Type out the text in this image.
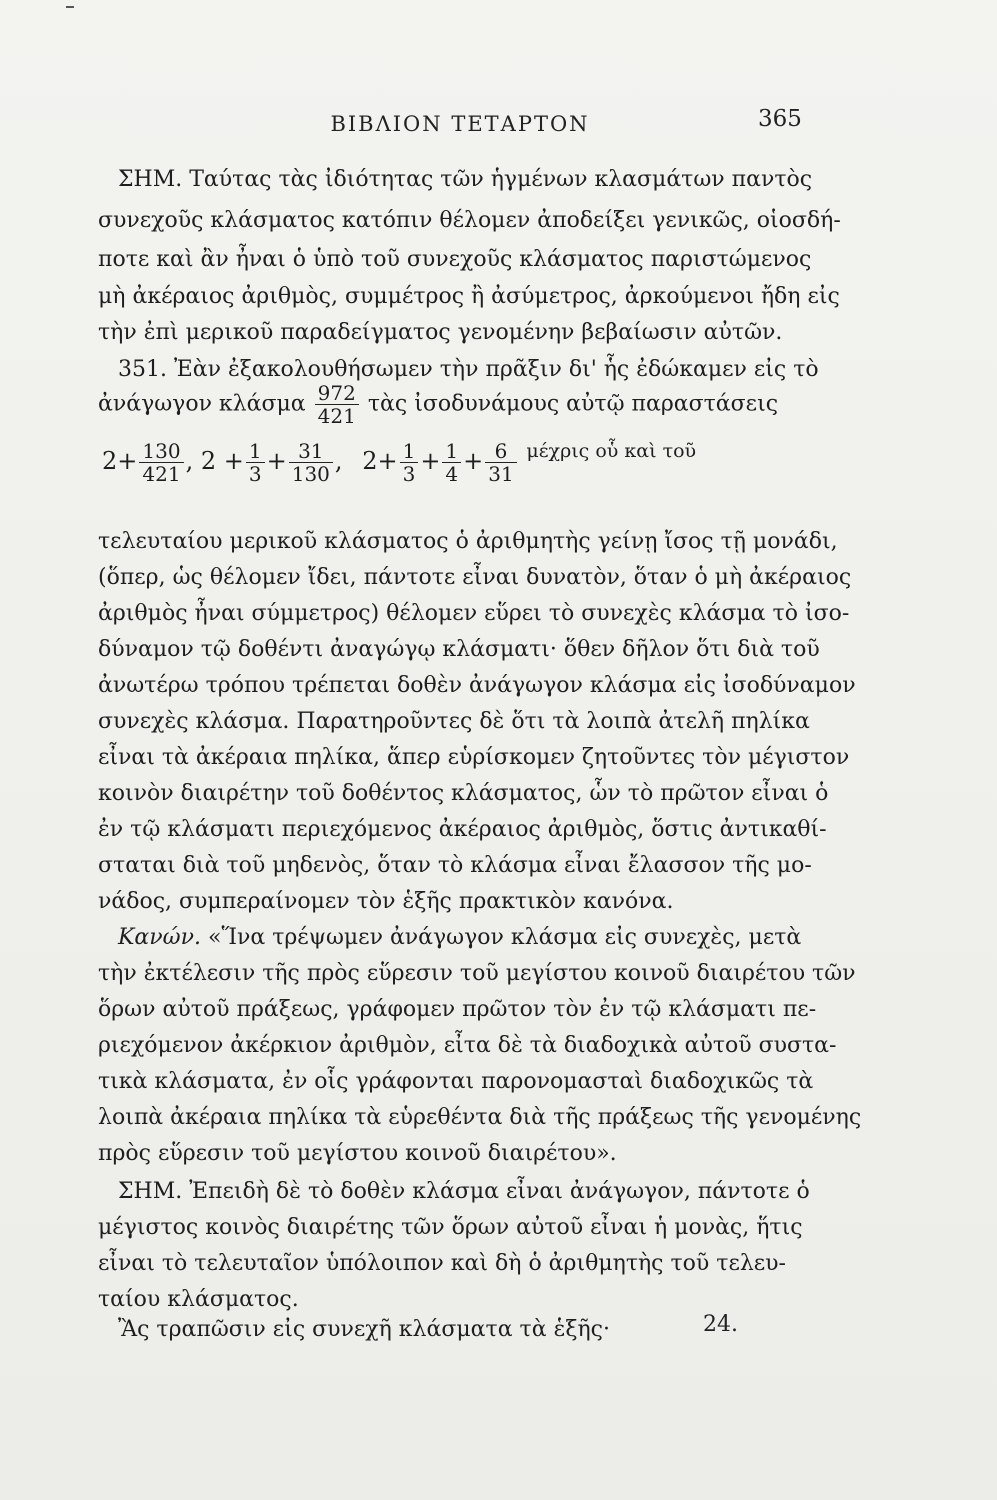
ΒΙΒΛΙΟΝ ΤΕΤΑΡΤΟΝ	365
ΣΗΜ. Ταύτας τὰς ἰδιότητας τῶν ἡγμένων κλασμάτων παντὸς
συνεχοῦς κλάσματος κατόπιν θέλομεν ἀποδείξει γενικῶς, οἱοσδή-
ποτε καὶ ἂν ἦναι ὁ ὑπὸ τοῦ συνεχοῦς κλάσματος παριστώμενος
μὴ ἀκέραιος ἀριθμὸς, συμμέτρος ἢ ἀσύμετρος, ἀρκούμενοι ἤδη εἰς
τὴν ἐπὶ μερικοῦ παραδείγματος γενομένην βεβαίωσιν αὐτῶν.
351. Ἐὰν ἐξακολουθήσωμεν τὴν πρᾶξιν δι' ἧς ἐδώκαμεν εἰς τὸ
ἀνάγωγον κλάσμα $\frac{972}{421}$ τὰς ἰσοδυνάμους αὐτῷ παραστάσεις
$2+ \frac{130}{421}$ , $2 + \frac{1}{3} + \frac{31}{130}$ , $2+ \frac{1}{3} + \frac{1}{4} + \frac{6}{31} ^{\mu έ\chi\rho\iota\varsigma oὗ \kappa\alpha ὶ \tau oῦ}$
τελευταίου μερικοῦ κλάσματος ὁ ἀριθμητὴς γείνῃ ἴσος τῇ μονάδι,
(ὅπερ, ὡς θέλομεν ἴδει, πάντοτε εἶναι δυνατὸν, ὅταν ὁ μὴ ἀκέραιος
ἀριθμὸς ἦναι σύμμετρος) θέλομεν εὕρει τὸ συνεχὲς κλάσμα τὸ ἰσο-
δύναμον τῷ δοθέντι ἀναγώγῳ κλάσματι· ὅθεν δῆλον ὅτι διὰ τοῦ
ἀνωτέρω τρόπου τρέπεται δοθὲν ἀνάγωγον κλάσμα εἰς ἰσοδύναμον
συνεχὲς κλάσμα. Παρατηροῦντες δὲ ὅτι τὰ λοιπὰ ἀτελῆ πηλίκα
εἶναι τὰ ἀκέραια πηλίκα, ἅπερ εὑρίσκομεν ζητοῦντες τὸν μέγιστον
κοινὸν διαιρέτην τοῦ δοθέντος κλάσματος, ὧν τὸ πρῶτον εἶναι ὁ
ἐν τῷ κλάσματι περιεχόμενος ἀκέραιος ἀριθμὸς, ὅστις ἀντικαθί-
σταται διὰ τοῦ μηδενὸς, ὅταν τὸ κλάσμα εἶναι ἔλασσον τῆς μο-
νάδος, συμπεραίνομεν τὸν ἑξῆς πρακτικὸν κανόνα.
Κανών. «Ἵνα τρέψωμεν ἀνάγωγον κλάσμα εἰς συνεχὲς, μετὰ
τὴν ἐκτέλεσιν τῆς πρὸς εὕρεσιν τοῦ μεγίστου κοινοῦ διαιρέτου τῶν
ὅρων αὐτοῦ πράξεως, γράφομεν πρῶτον τὸν ἐν τῷ κλάσματι πε-
ριεχόμενον ἀκέρκιον ἀριθμὸν, εἶτα δὲ τὰ διαδοχικὰ αὐτοῦ συστα-
τικὰ κλάσματα, ἐν οἷς γράφονται παρονομασταὶ διαδοχικῶς τὰ
λοιπὰ ἀκέραια πηλίκα τὰ εὑρεθέντα διὰ τῆς πράξεως τῆς γενομένης
πρὸς εὕρεσιν τοῦ μεγίστου κοινοῦ διαιρέτου».
ΣΗΜ. Ἐπειδὴ δὲ τὸ δοθὲν κλάσμα εἶναι ἀνάγωγον, πάντοτε ὁ
μέγιστος κοινὸς διαιρέτης τῶν ὅρων αὐτοῦ εἶναι ἡ μονὰς, ἥτις
εἶναι τὸ τελευταῖον ὑπόλοιπον καὶ δὴ ὁ ἀριθμητὴς τοῦ τελευ-
ταίου κλάσματος.
Ἂς τραπῶσιν εἰς συνεχῆ κλάσματα τὰ ἑξῆς·	24.
